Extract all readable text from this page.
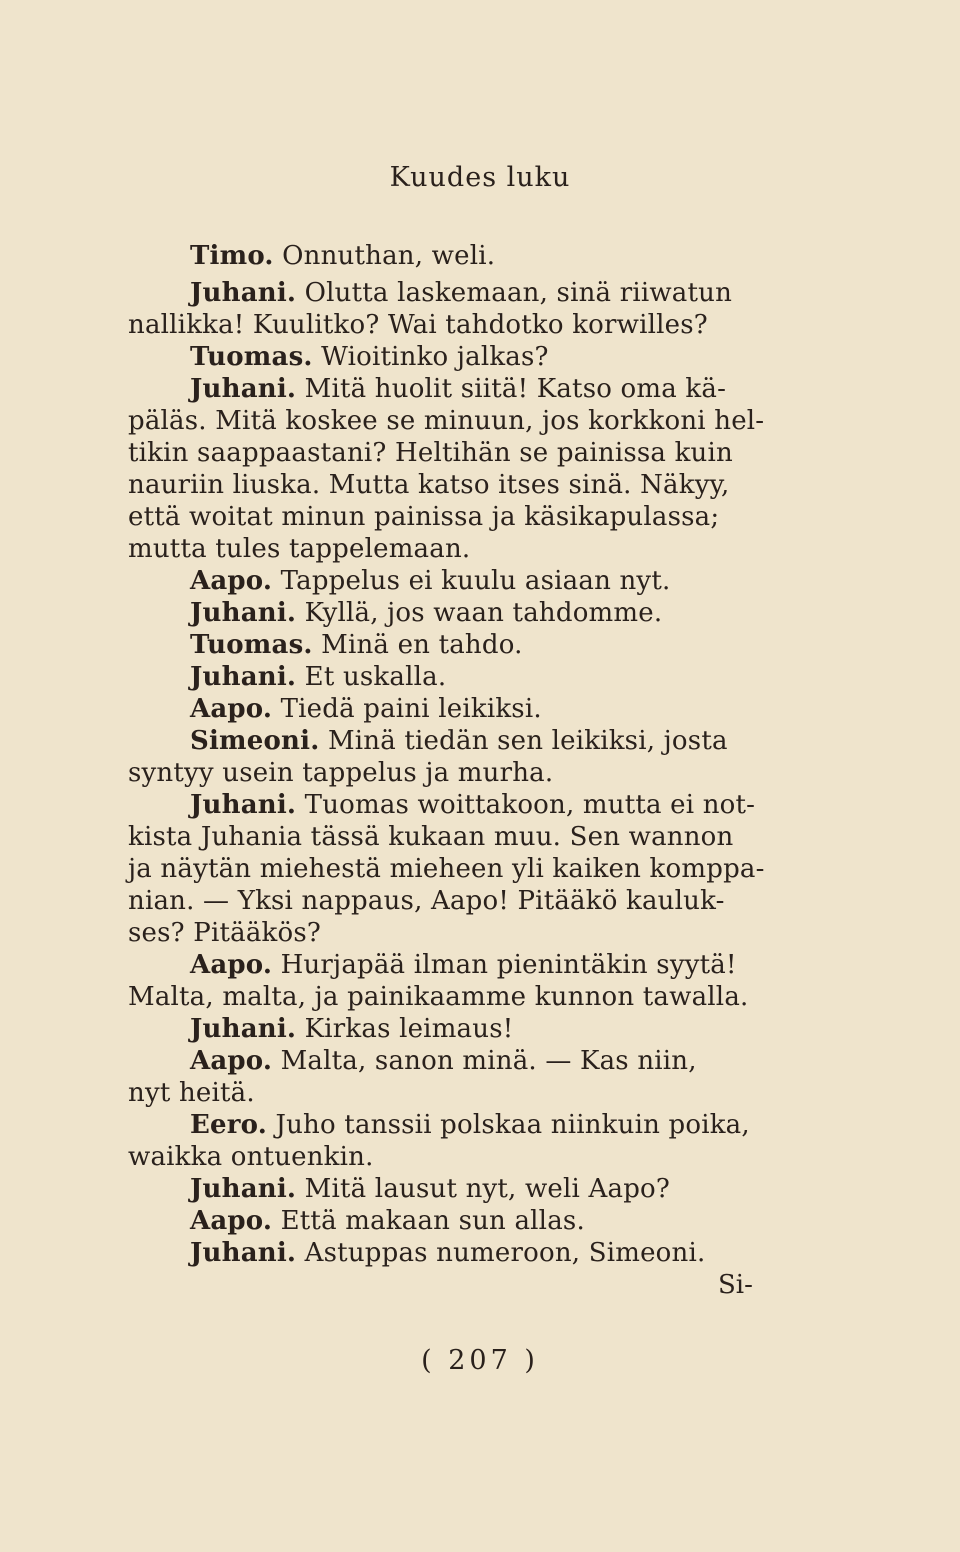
Kuudes luku
Timo. Onnuthan, weli.
Juhani. Olutta laskemaan, sinä riiwatun
nallikka! Kuulitko? Wai tahdotko korwilles?
Tuomas. Wioitinko jalkas?
Juhani. Mitä huolit siitä! Katso oma kä-
päläs. Mitä koskee se minuun, jos korkkoni hel-
tikin saappaastani? Heltihän se painissa kuin
nauriin liuska. Mutta katso itses sinä. Näkyy,
että woitat minun painissa ja käsikapulassa;
mutta tules tappelemaan.
Aapo. Tappelus ei kuulu asiaan nyt.
Juhani. Kyllä, jos waan tahdomme.
Tuomas. Minä en tahdo.
Juhani. Et uskalla.
Aapo. Tiedä paini leikiksi.
Simeoni. Minä tiedän sen leikiksi, josta
syntyy usein tappelus ja murha.
Juhani. Tuomas woittakoon, mutta ei not-
kista Juhania tässä kukaan muu. Sen wannon
ja näytän miehestä mieheen yli kaiken komppa-
nian. — Yksi nappaus, Aapo! Pitääkö kauluk-
ses? Pitääkös?
Aapo. Hurjapää ilman pienintäkin syytä!
Malta, malta, ja painikaamme kunnon tawalla.
Juhani. Kirkas leimaus!
Aapo. Malta, sanon minä. — Kas niin,
nyt heitä.
Eero. Juho tanssii polskaa niinkuin poika,
waikka ontuenkin.
Juhani. Mitä lausut nyt, weli Aapo?
Aapo. Että makaan sun allas.
Juhani. Astuppas numeroon, Simeoni.
Si-
( 207 )
